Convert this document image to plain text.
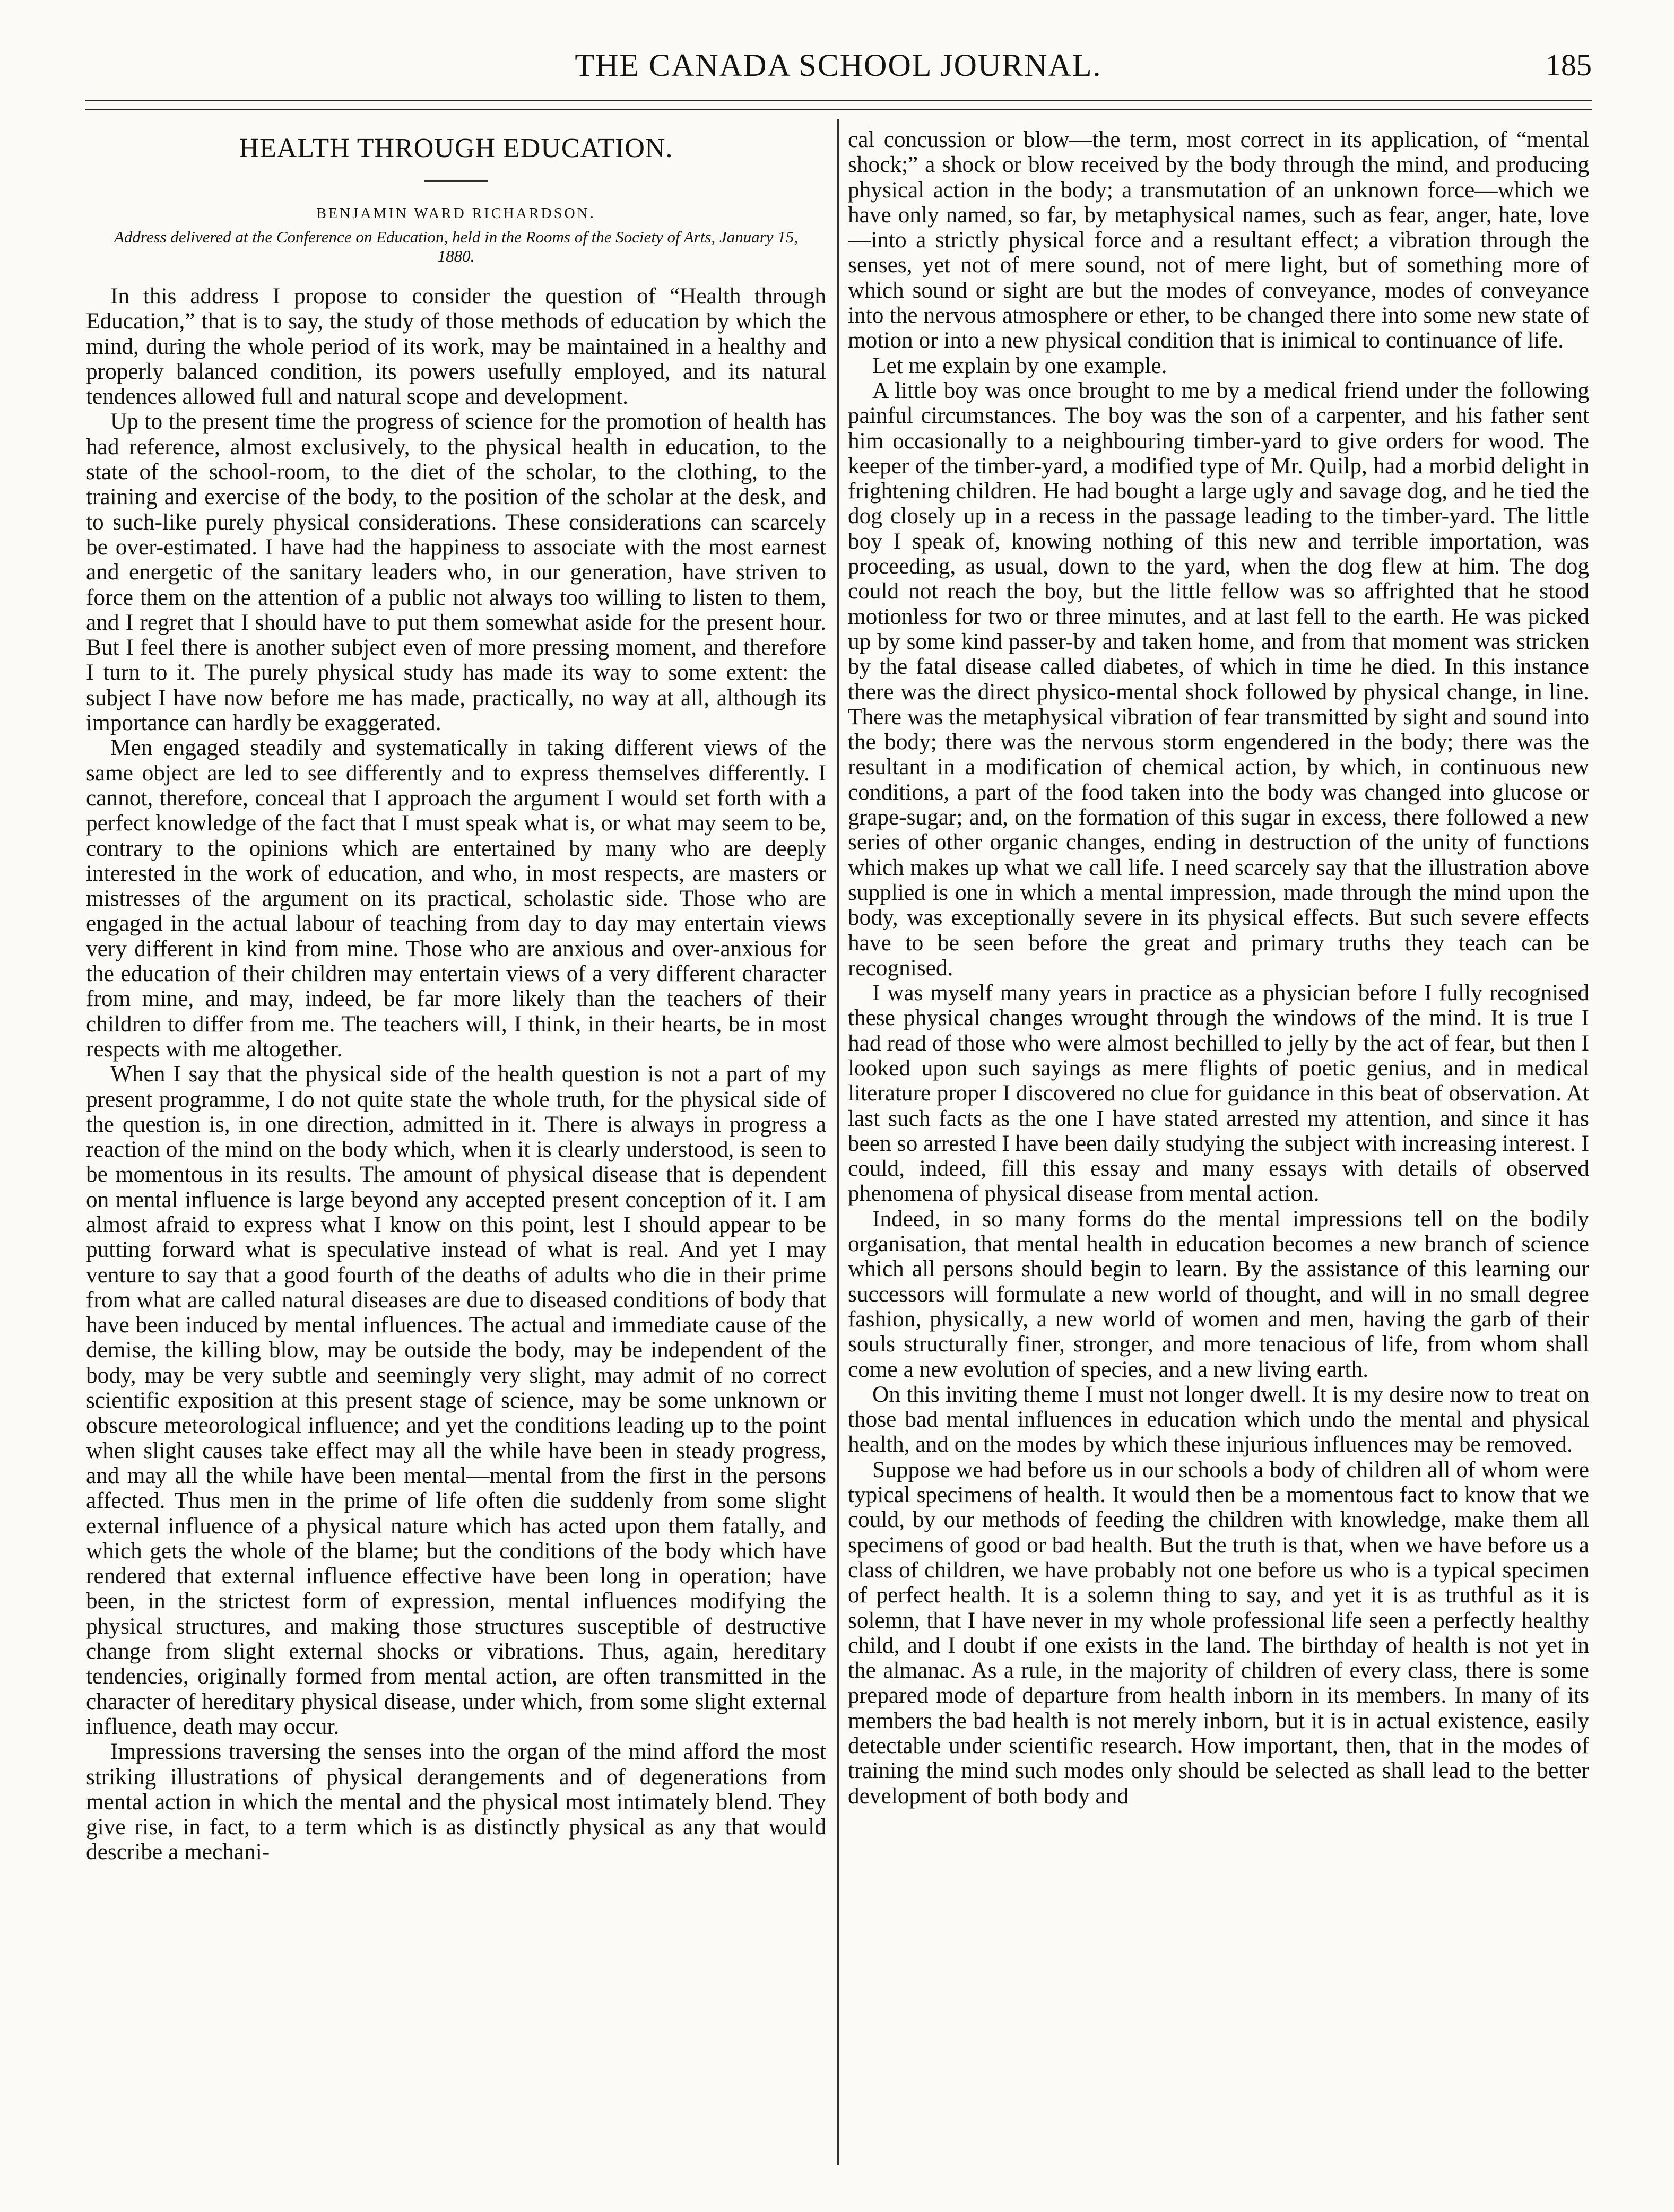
THE CANADA SCHOOL JOURNAL.	185
HEALTH THROUGH EDUCATION.
BENJAMIN WARD RICHARDSON.
Address delivered at the Conference on Education, held in the Rooms of the Society of Arts, January 15, 1880.

In this address I propose to consider the question of “Health through Education,” that is to say, the study of those methods of education by which the mind, during the whole period of its work, may be maintained in a healthy and properly balanced condition, its powers usefully employed, and its natural tendences allowed full and natural scope and development.

Up to the present time the progress of science for the promotion of health has had reference, almost exclusively, to the physical health in education, to the state of the school-room, to the diet of the scholar, to the clothing, to the training and exercise of the body, to the position of the scholar at the desk, and to such-like purely physical considerations. These considerations can scarcely be over-estimated. I have had the happiness to associate with the most earnest and energetic of the sanitary leaders who, in our generation, have striven to force them on the attention of a public not always too willing to listen to them, and I regret that I should have to put them somewhat aside for the present hour. But I feel there is another subject even of more pressing moment, and therefore I turn to it. The purely physical study has made its way to some extent: the subject I have now before me has made, practically, no way at all, although its importance can hardly be exaggerated.

Men engaged steadily and systematically in taking different views of the same object are led to see differently and to express themselves differently. I cannot, therefore, conceal that I approach the argument I would set forth with a perfect knowledge of the fact that I must speak what is, or what may seem to be, contrary to the opinions which are entertained by many who are deeply interested in the work of education, and who, in most respects, are masters or mistresses of the argument on its practical, scholastic side. Those who are engaged in the actual labour of teaching from day to day may entertain views very different in kind from mine. Those who are anxious and over-anxious for the education of their children may entertain views of a very different character from mine, and may, indeed, be far more likely than the teachers of their children to differ from me. The teachers will, I think, in their hearts, be in most respects with me altogether.

When I say that the physical side of the health question is not a part of my present programme, I do not quite state the whole truth, for the physical side of the question is, in one direction, admitted in it. There is always in progress a reaction of the mind on the body which, when it is clearly understood, is seen to be momentous in its results. The amount of physical disease that is dependent on mental influence is large beyond any accepted present conception of it. I am almost afraid to express what I know on this point, lest I should appear to be putting forward what is speculative instead of what is real. And yet I may venture to say that a good fourth of the deaths of adults who die in their prime from what are called natural diseases are due to diseased conditions of body that have been induced by mental influences. The actual and immediate cause of the demise, the killing blow, may be outside the body, may be independent of the body, may be very subtle and seemingly very slight, may admit of no correct scientific exposition at this present stage of science, may be some unknown or obscure meteorological influence; and yet the conditions leading up to the point when slight causes take effect may all the while have been in steady progress, and may all the while have been mental—mental from the first in the persons affected. Thus men in the prime of life often die suddenly from some slight external influence of a physical nature which has acted upon them fatally, and which gets the whole of the blame; but the conditions of the body which have rendered that external influence effective have been long in operation; have been, in the strictest form of expression, mental influences modifying the physical structures, and making those structures susceptible of destructive change from slight external shocks or vibrations. Thus, again, hereditary tendencies, originally formed from mental action, are often transmitted in the character of hereditary physical disease, under which, from some slight external influence, death may occur.

Impressions traversing the senses into the organ of the mind afford the most striking illustrations of physical derangements and of degenerations from mental action in which the mental and the physical most intimately blend. They give rise, in fact, to a term which is as distinctly physical as any that would describe a mechani-

cal concussion or blow—the term, most correct in its application, of “mental shock;” a shock or blow received by the body through the mind, and producing physical action in the body; a transmutation of an unknown force—which we have only named, so far, by metaphysical names, such as fear, anger, hate, love—into a strictly physical force and a resultant effect; a vibration through the senses, yet not of mere sound, not of mere light, but of something more of which sound or sight are but the modes of conveyance, modes of conveyance into the nervous atmosphere or ether, to be changed there into some new state of motion or into a new physical condition that is inimical to continuance of life.

Let me explain by one example.

A little boy was once brought to me by a medical friend under the following painful circumstances. The boy was the son of a carpenter, and his father sent him occasionally to a neighbouring timber-yard to give orders for wood. The keeper of the timber-yard, a modified type of Mr. Quilp, had a morbid delight in frightening children. He had bought a large ugly and savage dog, and he tied the dog closely up in a recess in the passage leading to the timber-yard. The little boy I speak of, knowing nothing of this new and terrible importation, was proceeding, as usual, down to the yard, when the dog flew at him. The dog could not reach the boy, but the little fellow was so affrighted that he stood motionless for two or three minutes, and at last fell to the earth. He was picked up by some kind passer-by and taken home, and from that moment was stricken by the fatal disease called diabetes, of which in time he died. In this instance there was the direct physico-mental shock followed by physical change, in line. There was the metaphysical vibration of fear transmitted by sight and sound into the body; there was the nervous storm engendered in the body; there was the resultant in a modification of chemical action, by which, in continuous new conditions, a part of the food taken into the body was changed into glucose or grape-sugar; and, on the formation of this sugar in excess, there followed a new series of other organic changes, ending in destruction of the unity of functions which makes up what we call life. I need scarcely say that the illustration above supplied is one in which a mental impression, made through the mind upon the body, was exceptionally severe in its physical effects. But such severe effects have to be seen before the great and primary truths they teach can be recognised.

I was myself many years in practice as a physician before I fully recognised these physical changes wrought through the windows of the mind. It is true I had read of those who were almost bechilled to jelly by the act of fear, but then I looked upon such sayings as mere flights of poetic genius, and in medical literature proper I discovered no clue for guidance in this beat of observation. At last such facts as the one I have stated arrested my attention, and since it has been so arrested I have been daily studying the subject with increasing interest. I could, indeed, fill this essay and many essays with details of observed phenomena of physical disease from mental action.

Indeed, in so many forms do the mental impressions tell on the bodily organisation, that mental health in education becomes a new branch of science which all persons should begin to learn. By the assistance of this learning our successors will formulate a new world of thought, and will in no small degree fashion, physically, a new world of women and men, having the garb of their souls structurally finer, stronger, and more tenacious of life, from whom shall come a new evolution of species, and a new living earth.

On this inviting theme I must not longer dwell. It is my desire now to treat on those bad mental influences in education which undo the mental and physical health, and on the modes by which these injurious influences may be removed.

Suppose we had before us in our schools a body of children all of whom were typical specimens of health. It would then be a momentous fact to know that we could, by our methods of feeding the children with knowledge, make them all specimens of good or bad health. But the truth is that, when we have before us a class of children, we have probably not one before us who is a typical specimen of perfect health. It is a solemn thing to say, and yet it is as truthful as it is solemn, that I have never in my whole professional life seen a perfectly healthy child, and I doubt if one exists in the land. The birthday of health is not yet in the almanac. As a rule, in the majority of children of every class, there is some prepared mode of departure from health inborn in its members. In many of its members the bad health is not merely inborn, but it is in actual existence, easily detectable under scientific research. How important, then, that in the modes of training the mind such modes only should be selected as shall lead to the better development of both body and
